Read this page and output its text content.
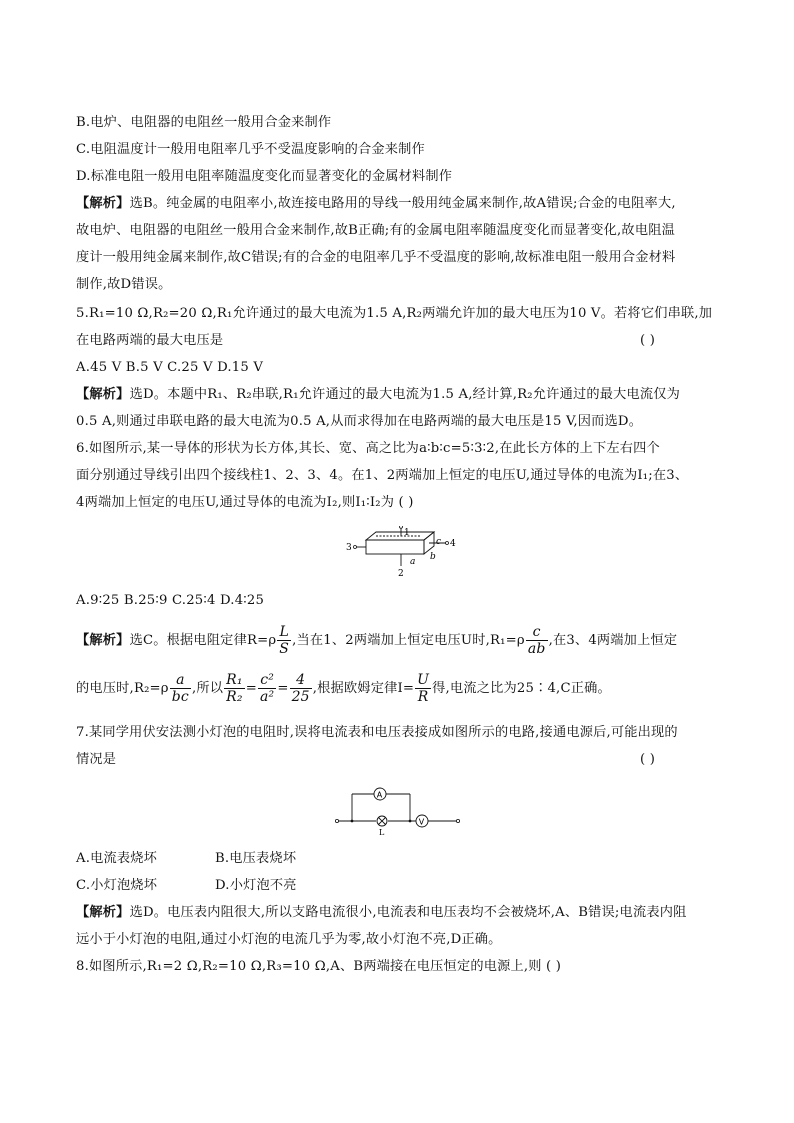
B.电炉、电阻器的电阻丝一般用合金来制作
C.电阻温度计一般用电阻率几乎不受温度影响的合金来制作
D.标准电阻一般用电阻率随温度变化而显著变化的金属材料制作
【解析】选B。纯金属的电阻率小,故连接电路用的导线一般用纯金属来制作,故A错误;合金的电阻率大,
故电炉、电阻器的电阻丝一般用合金来制作,故B正确;有的金属电阻率随温度变化而显著变化,故电阻温
度计一般用纯金属来制作,故C错误;有的合金的电阻率几乎不受温度的影响,故标准电阻一般用合金材料
制作,故D错误。
5.R₁=10 Ω,R₂=20 Ω,R₁允许通过的最大电流为1.5 A,R₂两端允许加的最大电压为10 V。若将它们串联,加
在电路两端的最大电压是	( )
A.45 V B.5 V C.25 V D.15 V
【解析】选D。本题中R₁、R₂串联,R₁允许通过的最大电流为1.5 A,经计算,R₂允许通过的最大电流仅为
0.5 A,则通过串联电路的最大电流为0.5 A,从而求得加在电路两端的最大电压是15 V,因而选D。
6.如图所示,某一导体的形状为长方体,其长、宽、高之比为a∶b∶c=5∶3∶2,在此长方体的上下左右四个
面分别通过导线引出四个接线柱1、2、3、4。在1、2两端加上恒定的电压U,通过导体的电流为I₁;在3、
4两端加上恒定的电压U,通过导体的电流为I₂,则I₁∶I₂为 ( )
1
2
3	4
a b
c
A.9∶25 B.25∶9 C.25∶4 D.4∶25
【解析】选C。根据电阻定律$R=\rho \frac{L}{S}$ ,当在1、2两端加上恒定电压U时$,R_1=\rho \frac{c}{ab}$ ,在3、4两端加上恒定
的电压时$,R_2=\rho \frac{a}{bc}$ ,所以 $\frac{\text{R₁}}{\text{R₂}} = \frac{\text{c²}}{\text{a²}} = \frac{4}{25}$ ,根据欧姆定律$I= \frac{U}{R}$ 得,电流之比为25∶4,C正确。
7.某同学用伏安法测小灯泡的电阻时,误将电流表和电压表接成如图所示的电路,接通电源后,可能出现的
情况是	( )
A
V
L
A.电流表烧坏	B.电压表烧坏
C.小灯泡烧坏	D.小灯泡不亮
【解析】选D。电压表内阻很大,所以支路电流很小,电流表和电压表均不会被烧坏,A、B错误;电流表内阻
远小于小灯泡的电阻,通过小灯泡的电流几乎为零,故小灯泡不亮,D正确。
8.如图所示,R₁=2 Ω,R₂=10 Ω,R₃=10 Ω,A、B两端接在电压恒定的电源上,则 ( )
